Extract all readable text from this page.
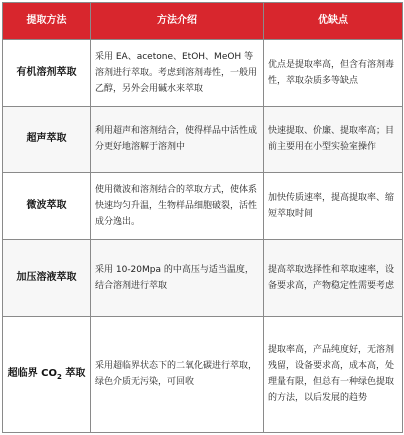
提取方法	方法介绍	优缺点
有机溶剂萃取	采用 EA、acetone、EtOH、MeOH 等溶剂进行萃取。考虑到溶剂毒性，一般用乙醇，另外会用碱水来萃取	优点是提取率高，但含有溶剂毒性，萃取杂质多等缺点
超声萃取	利用超声和溶剂结合，使得样品中活性成分更好地溶解于溶剂中	快速提取、价廉、提取率高；目前主要用在小型实验室操作
微波萃取	使用微波和溶剂结合的萃取方式，使体系快速均匀升温，生物样品细胞破裂，活性成分逸出。	加快传质速率，提高提取率、缩短萃取时间
加压溶液萃取	采用 10-20Mpa 的中高压与适当温度，结合溶剂进行萃取	提高萃取选择性和萃取速率，设备要求高，产物稳定性需要考虑
超临界 $CO_2$ 萃取	采用超临界状态下的二氧化碳进行萃取，绿色介质无污染，可回收	提取率高，产品纯度好，无溶剂残留，设备要求高，成本高，处理量有限，但总有一种绿色提取的方法，以后发展的趋势
